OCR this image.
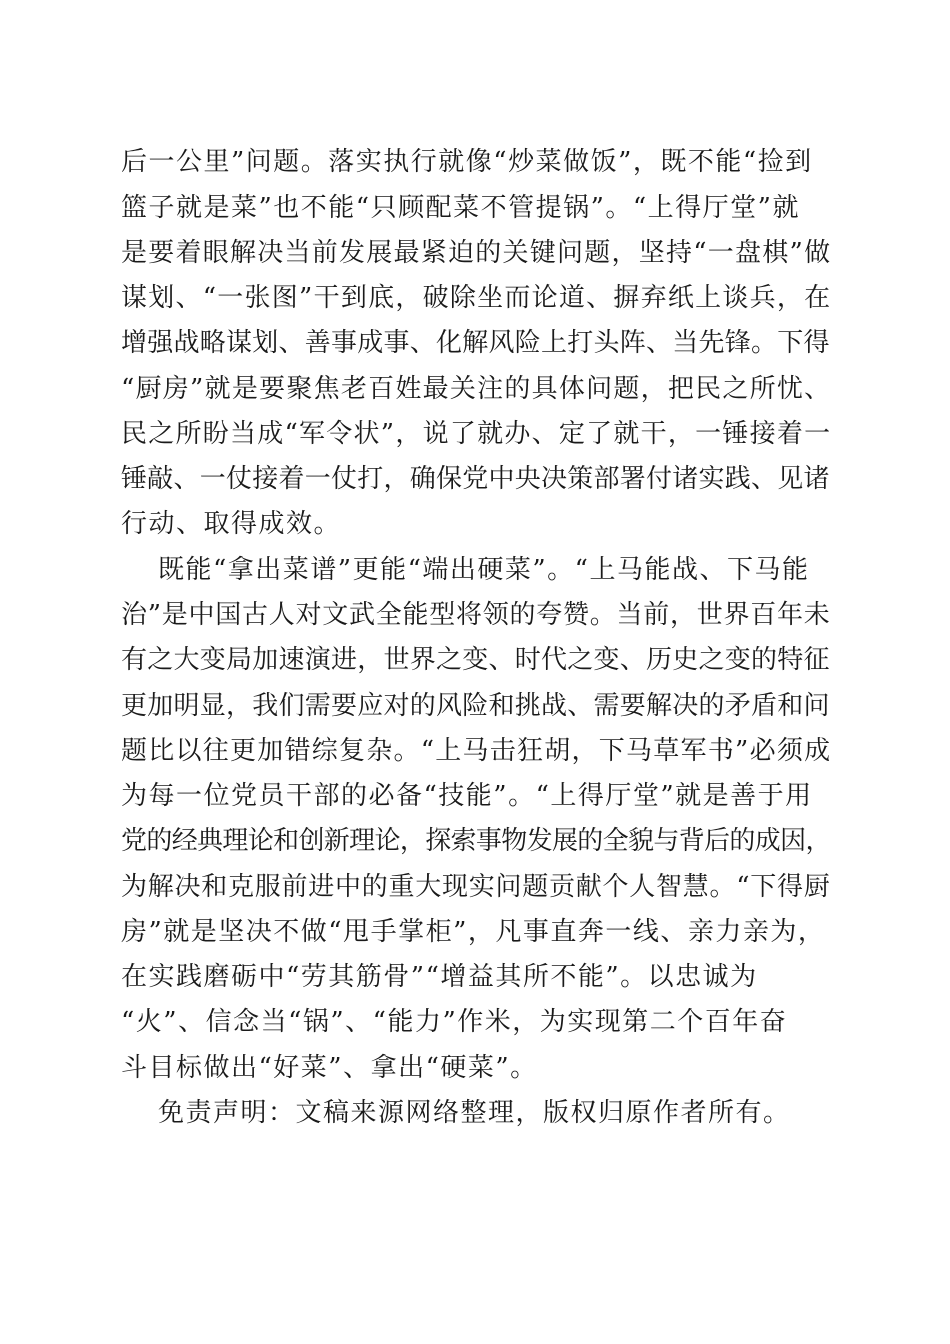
后一公里”问题。落实执行就像“炒菜做饭”，既不能“捡到
篮子就是菜”也不能“只顾配菜不管提锅”。“上得厅堂”就
是要着眼解决当前发展最紧迫的关键问题，坚持“一盘棋”做
谋划、“一张图”干到底，破除坐而论道、摒弃纸上谈兵，在
增强战略谋划、善事成事、化解风险上打头阵、当先锋。下得
“厨房”就是要聚焦老百姓最关注的具体问题，把民之所忧、
民之所盼当成“军令状”，说了就办、定了就干，一锤接着一
锤敲、一仗接着一仗打，确保党中央决策部署付诸实践、见诸
行动、取得成效。
既能“拿出菜谱”更能“端出硬菜”。“上马能战、下马能
治”是中国古人对文武全能型将领的夸赞。当前，世界百年未
有之大变局加速演进，世界之变、时代之变、历史之变的特征
更加明显，我们需要应对的风险和挑战、需要解决的矛盾和问
题比以往更加错综复杂。“上马击狂胡，下马草军书”必须成
为每一位党员干部的必备“技能”。“上得厅堂”就是善于用
党的经典理论和创新理论，探索事物发展的全貌与背后的成因，
为解决和克服前进中的重大现实问题贡献个人智慧。“下得厨
房”就是坚决不做“甩手掌柜”，凡事直奔一线、亲力亲为，
在实践磨砺中“劳其筋骨”“增益其所不能”。以忠诚为
“火”、信念当“锅”、“能力”作米，为实现第二个百年奋
斗目标做出“好菜”、拿出“硬菜”。
免责声明：文稿来源网络整理，版权归原作者所有。
